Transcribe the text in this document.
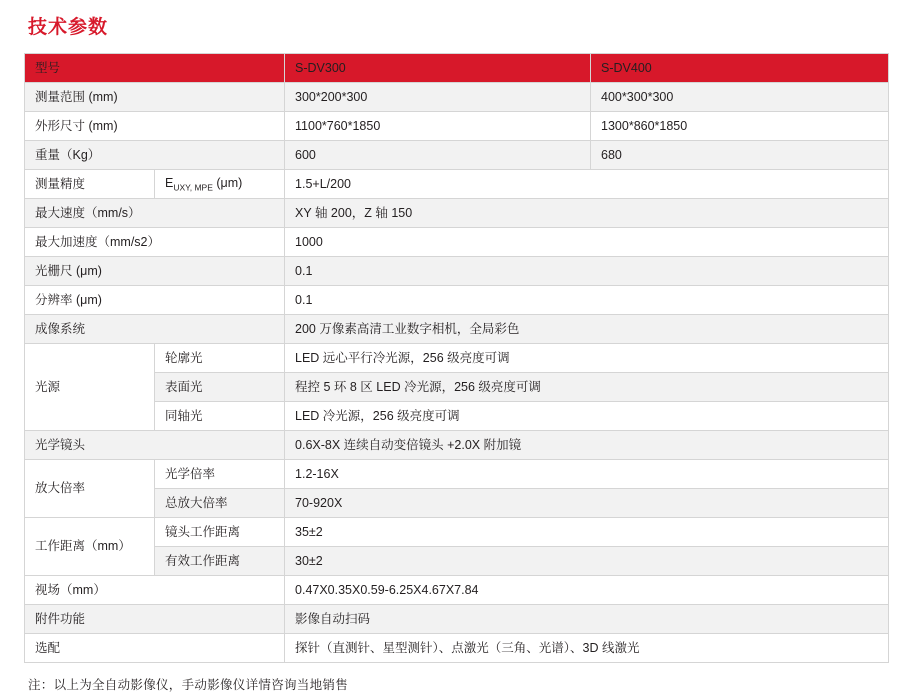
技术参数
型号		S-DV300	S-DV400
测量范围 (mm)		300*200*300	400*300*300
外形尺寸 (mm)		1100*760*1850	1300*860*1850
重量（Kg）		600	680
测量精度	$E_{UXY, MPE}$ (μm)	1.5+L/200	
最大速度（mm/s）		XY 轴 200，Z 轴 150	
最大加速度（mm/s2）		1000	
光栅尺 (μm)		0.1	
分辨率 (μm)		0.1	
成像系统		200 万像素高清工业数字相机，全局彩色	
光源	轮廓光	LED 远心平行冷光源，256 级亮度可调	
	表面光	程控 5 环 8 区 LED 冷光源，256 级亮度可调	
	同轴光	LED 冷光源，256 级亮度可调	
光学镜头		0.6X-8X 连续自动变倍镜头 +2.0X 附加镜	
放大倍率	光学倍率	1.2-16X	
	总放大倍率	70-920X	
工作距离（mm）	镜头工作距离	35±2	
	有效工作距离	30±2	
视场（mm）		0.47X0.35X0.59-6.25X4.67X7.84	
附件功能		影像自动扫码	
选配		探针（直测针、星型测针）、点激光（三角、光谱）、3D 线激光	
注：以上为全自动影像仪，手动影像仪详情咨询当地销售
